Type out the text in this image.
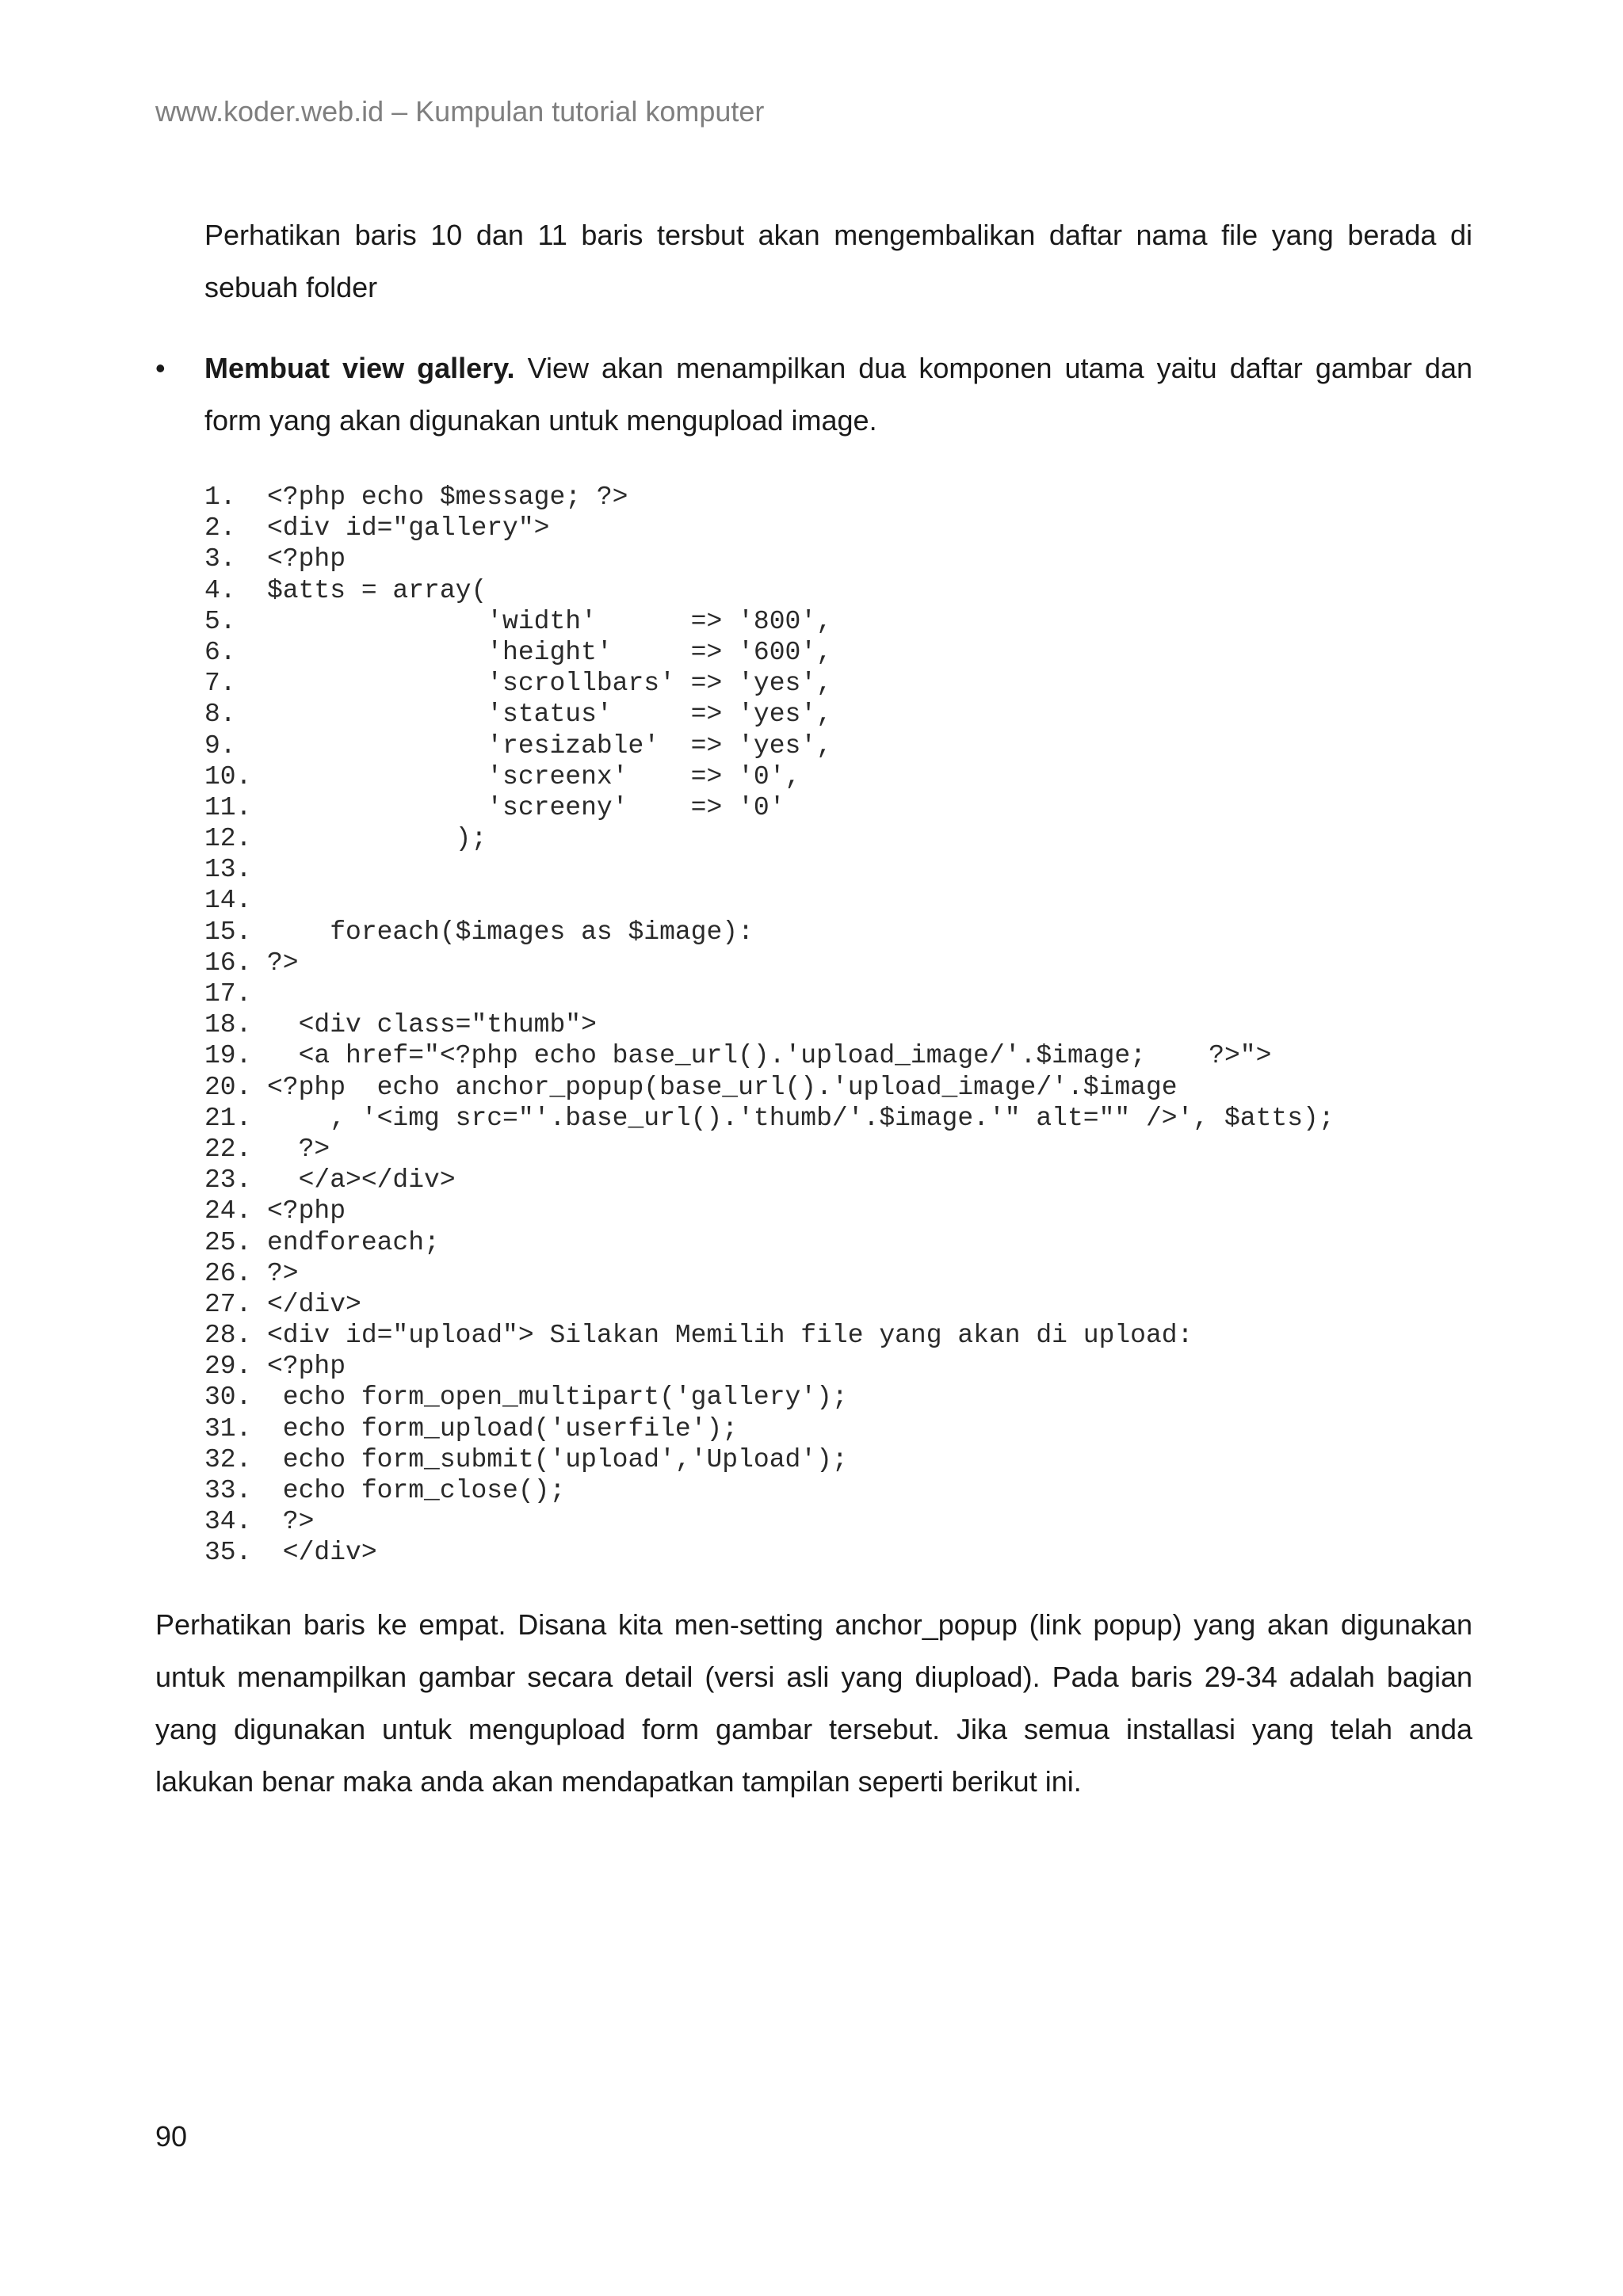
www.koder.web.id – Kumpulan tutorial komputer

Perhatikan baris 10 dan 11 baris tersbut akan mengembalikan daftar nama file yang berada di sebuah folder

• Membuat view gallery. View akan menampilkan dua komponen utama yaitu daftar gambar dan form yang akan digunakan untuk mengupload image.

1.	<?php echo $message; ?>
2.	<div id="gallery">
3.	<?php
4.	$atts = array(
5.	'width'      => '800',
6.	'height'     => '600',
7.	'scrollbars' => 'yes',
8.	'status'     => 'yes',
9.	'resizable'  => 'yes',
10. 'screenx'    => '0',
11. 'screeny'    => '0'
12. );
13.
14.
15. foreach($images as $image):
16. ?>
17.
18. <div class="thumb">
19. <a href="<?php echo base_url().'upload_image/'.$image;    ?>">
20. <?php  echo anchor_popup(base_url().'upload_image/'.$image
21. , '<img src="'.base_url().'thumb/'.$image.'" alt="" />', $atts);
22. ?>
23. </a></div>
24. <?php
25. endforeach;
26. ?>
27. </div>
28. <div id="upload"> Silakan Memilih file yang akan di upload:
29. <?php
30. echo form_open_multipart('gallery');
31. echo form_upload('userfile');
32. echo form_submit('upload','Upload');
33. echo form_close();
34. ?>
35. </div>

Perhatikan baris ke empat. Disana kita men-setting anchor_popup (link popup) yang akan digunakan untuk menampilkan gambar secara detail (versi asli yang diupload). Pada baris 29-34 adalah bagian yang digunakan untuk mengupload form gambar tersebut. Jika semua installasi yang telah anda lakukan benar maka anda akan mendapatkan tampilan seperti berikut ini.

90
